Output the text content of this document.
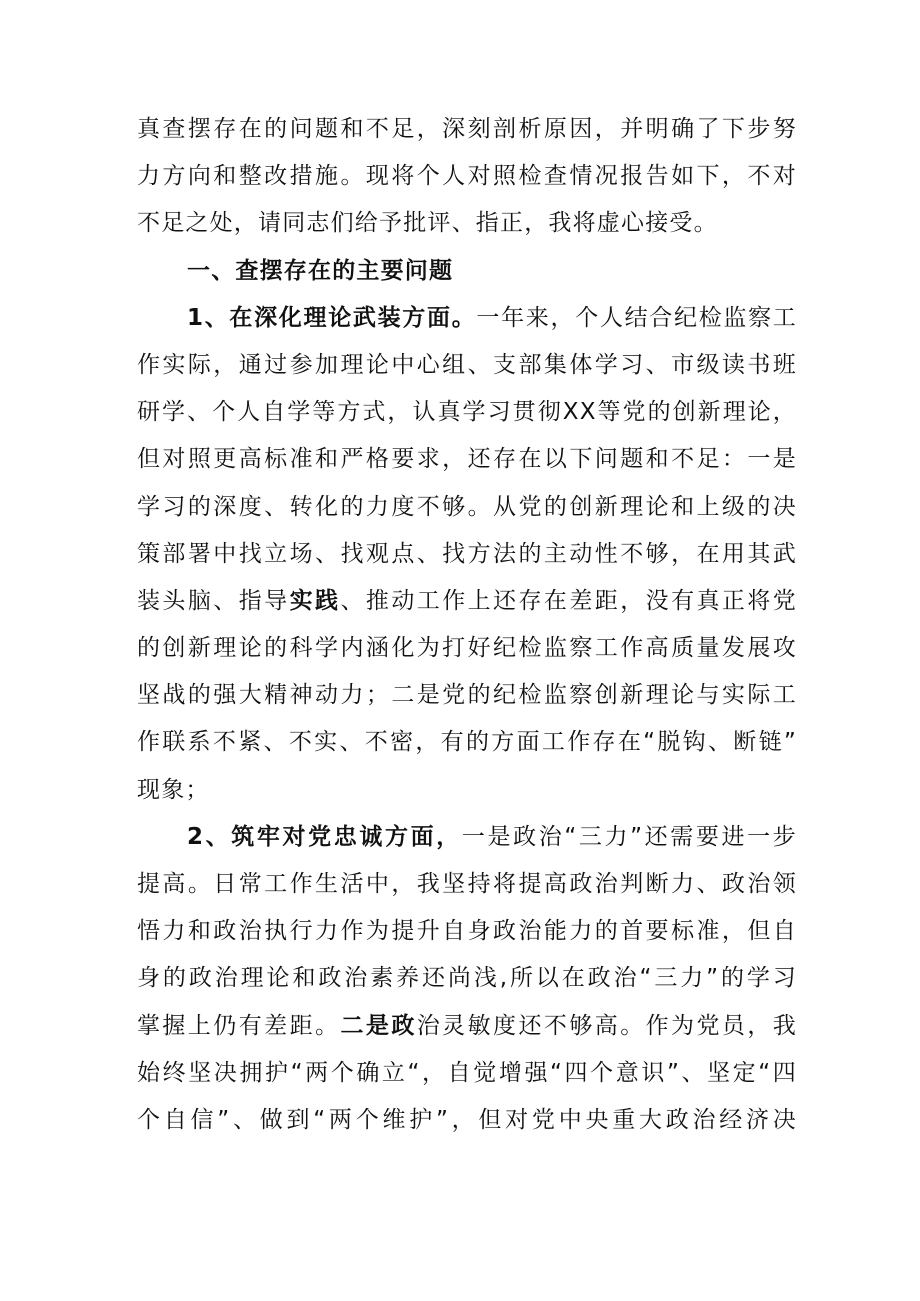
真查摆存在的问题和不足，深刻剖析原因，并明确了下步努
力方向和整改措施。现将个人对照检查情况报告如下，不对
不足之处，请同志们给予批评、指正，我将虚心接受。
一、查摆存在的主要问题
1、在深化理论武装方面。一年来，个人结合纪检监察工
作实际，通过参加理论中心组、支部集体学习、市级读书班
研学、个人自学等方式，认真学习贯彻XX等党的创新理论，
但对照更高标准和严格要求，还存在以下问题和不足：一是
学习的深度、转化的力度不够。从党的创新理论和上级的决
策部署中找立场、找观点、找方法的主动性不够，在用其武
装头脑、指导实践、推动工作上还存在差距，没有真正将党
的创新理论的科学内涵化为打好纪检监察工作高质量发展攻
坚战的强大精神动力；二是党的纪检监察创新理论与实际工
作联系不紧、不实、不密，有的方面工作存在“脱钩、断链”
现象；
2、筑牢对党忠诚方面，一是政治“三力”还需要进一步
提高。日常工作生活中，我坚持将提高政治判断力、政治领
悟力和政治执行力作为提升自身政治能力的首要标准，但自
身的政治理论和政治素养还尚浅,所以在政治“三力”的学习
掌握上仍有差距。二是政治灵敏度还不够高。作为党员，我
始终坚决拥护“两个确立“，自觉增强“四个意识”、坚定“四
个自信”、做到“两个维护”，但对党中央重大政治经济决
